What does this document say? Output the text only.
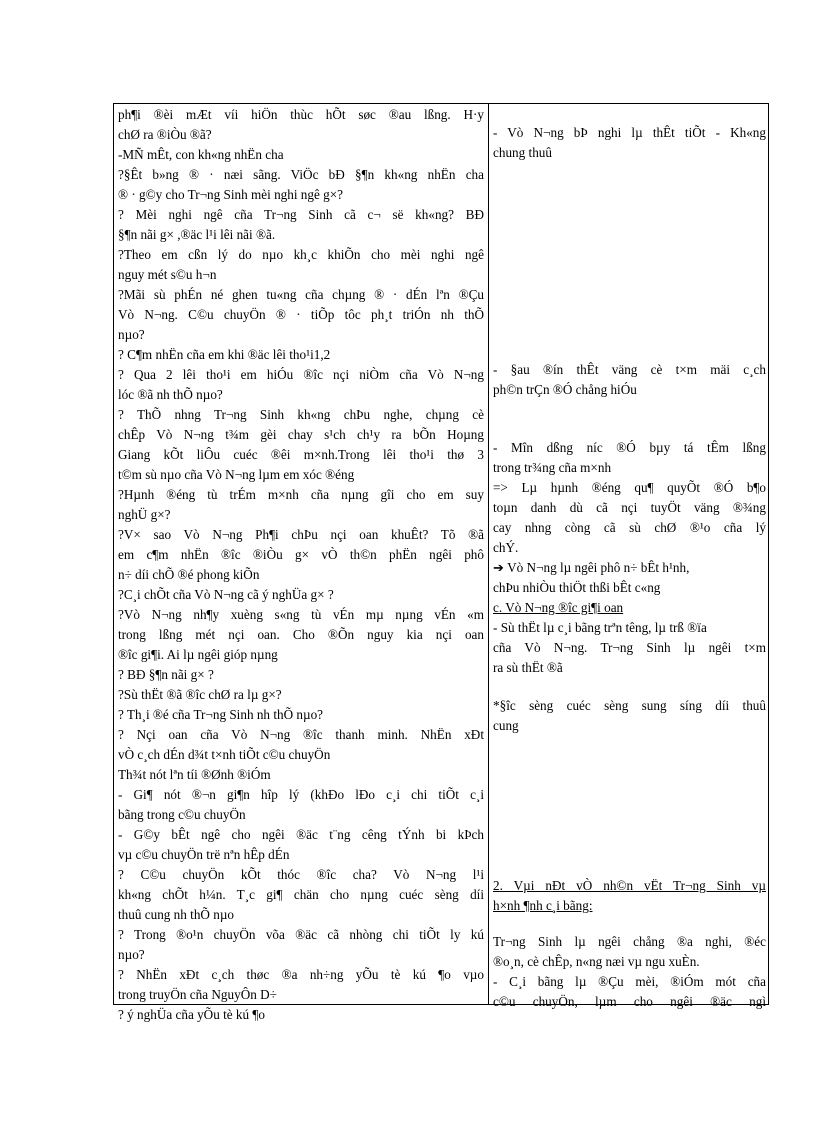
ph¶i ®èi mÆt víi hiÖn thùc hÕt søc ®au lßng. H·y
chØ ra ®iÒu ®ã?
-MÑ mÊt, con kh«ng nhËn cha
?§Êt b»ng ® · næi sãng. ViÖc bÐ §¶n kh«ng nhËn cha
® · g©y cho Tr¬ng Sinh mèi nghi ngê g×?
? Mèi nghi ngê cña Tr¬ng Sinh cã c¬ së kh«ng? BÐ
§¶n nãi g× ,®äc l¹i lêi nãi ®ã.
?Theo em cßn lý do nµo kh¸c khiÕn cho mèi nghi ngê
nguy mét s©u h¬n
?Mãi sù phÉn né ghen tu«ng cña chµng ® · dÉn lªn ®Çu
Vò N¬ng. C©u chuyÖn ® · tiÕp tôc ph¸t triÓn nh thÕ
nµo?
? C¶m nhËn cña em khi ®äc lêi tho¹i1,2
? Qua 2 lêi tho¹i em hiÓu ®îc nçi niÒm cña Vò N¬ng
lóc ®ã nh thÕ nµo?
? ThÕ nhng Tr¬ng Sinh kh«ng chÞu nghe, chµng cè
chÊp Vò N¬ng t¾m gèi chay s¹ch ch¹y ra bÕn Hoµng
Giang kÕt liÔu cuéc ®êi m×nh.Trong lêi tho¹i thø 3
t©m sù nµo cña Vò N¬ng lµm em xóc ®éng
?Hµnh ®éng tù trÉm m×nh cña nµng gîi cho em suy
nghÜ g×?
?V× sao Vò N¬ng Ph¶i chÞu nçi oan khuÊt? Tõ ®ã
em c¶m nhËn ®îc ®iÒu g× vÒ th©n phËn ngêi phô
n÷ díi chÕ ®é phong kiÕn
?C¸i chÕt cña Vò N¬ng cã ý nghÜa g× ?
?Vò N¬ng nh¶y xuèng s«ng tù vÉn mµ nµng vÉn «m
trong lßng mét nçi oan. Cho ®Õn nguy kia nçi oan
®îc gi¶i. Ai lµ ngêi gióp nµng
? BÐ §¶n nãi g× ?
?Sù thËt ®ã ®îc chØ ra lµ g×?
? Th¸i ®é cña Tr¬ng Sinh nh thÕ nµo?
? Nçi oan cña Vò N¬ng ®îc thanh minh. NhËn xÐt
vÒ c¸ch dÉn d¾t t×nh tiÕt c©u chuyÖn
Th¾t nót lªn tíi ®Ønh ®iÓm
- Gi¶ nót ®¬n gi¶n hîp lý (khÐo lÐo c¸i chi tiÕt c¸i
bãng trong c©u chuyÖn
- G©y bÊt ngê cho ngêi ®äc t¨ng cêng tÝnh bi kÞch
vµ c©u chuyÖn trë nªn hÊp dÉn
? C©u chuyÖn kÕt thóc ®îc cha? Vò N¬ng l¹i
kh«ng chÕt h¼n. T¸c gi¶ chän cho nµng cuéc sèng díi
thuû cung nh thÕ nµo
? Trong ®o¹n chuyÖn võa ®äc cã nhòng chi tiÕt ly kú
nµo?
? NhËn xÐt c¸ch thøc ®a nh÷ng yÕu tè kú ¶o vµo
trong truyÖn cña NguyÔn D÷
? ý nghÜa cña yÕu tè kú ¶o
- Vò N¬ng bÞ nghi lµ thÊt tiÕt - Kh«ng
chung thuû
- §au ®ín thÊt väng cè t×m mäi c¸ch
ph©n trÇn ®Ó chång hiÓu
- Mîn dßng níc ®Ó bµy tá tÊm lßng
trong tr¾ng cña m×nh
=> Lµ hµnh ®éng qu¶ quyÕt ®Ó b¶o
toµn danh dù cã nçi tuyÖt väng ®¾ng
cay nhng còng cã sù chØ ®¹o cña lý
chÝ.
➔ Vò N¬ng lµ ngêi phô n÷ bÊt h¹nh,
chÞu nhiÒu thiÖt thßi bÊt c«ng
c. Vò N¬ng ®îc gi¶i oan
- Sù thËt lµ c¸i bãng trªn têng, lµ trß ®ïa
cña Vò N¬ng. Tr¬ng Sinh lµ ngêi t×m
ra sù thËt ®ã
*§îc sèng cuéc sèng sung síng díi thuû
cung
2. Vµi nÐt vÒ nh©n vËt Tr¬ng Sinh vµ
h×nh ¶nh c¸i bãng:
Tr¬ng Sinh lµ ngêi chång ®a nghi, ®éc
®o¸n, cè chÊp, n«ng næi vµ ngu xuÈn.
- C¸i bãng lµ ®Çu mèi, ®iÓm mót cña
c©u chuyÖn, lµm cho ngêi ®äc ngì
